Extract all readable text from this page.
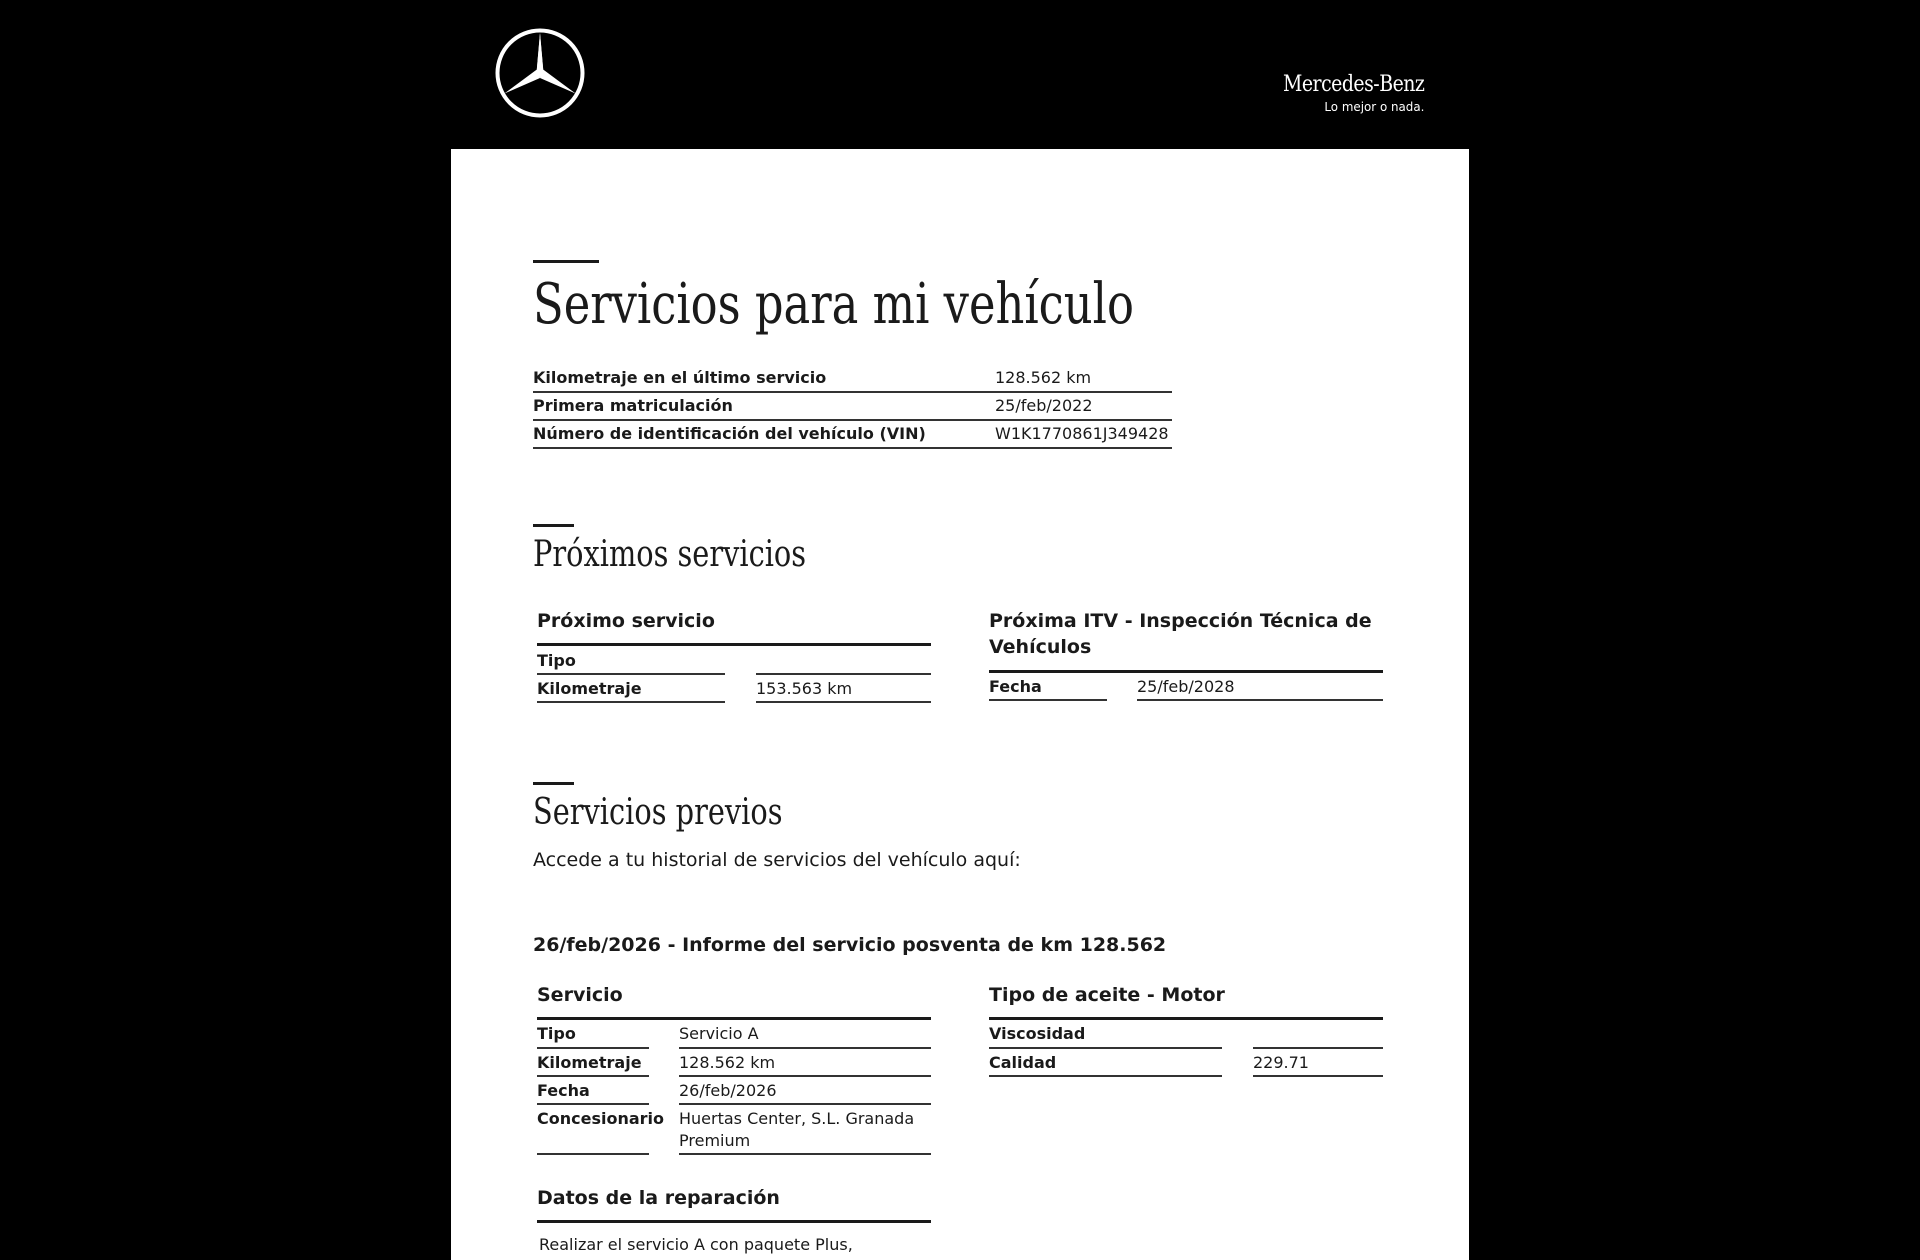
Mercedes-Benz
Lo mejor o nada.
Servicios para mi vehículo
Kilometraje en el último servicio	128.562 km
Primera matriculación	25/feb/2022
Número de identificación del vehículo (VIN)	W1K1770861J349428
Próximos servicios
Próximo servicio
Tipo
Kilometraje	153.563 km
Próxima ITV - Inspección Técnica de
Vehículos
Fecha	25/feb/2028
Servicios previos
Accede a tu historial de servicios del vehículo aquí:
26/feb/2026 - Informe del servicio posventa de km 128.562
Servicio
Tipo	Servicio A
Kilometraje 128.562 km
Fecha	26/feb/2026
Concesionario Huertas Center, S.L. Granada
Premium
Tipo de aceite - Motor
Viscosidad
Calidad	229.71
Datos de la reparación
Realizar el servicio A con paquete Plus,
